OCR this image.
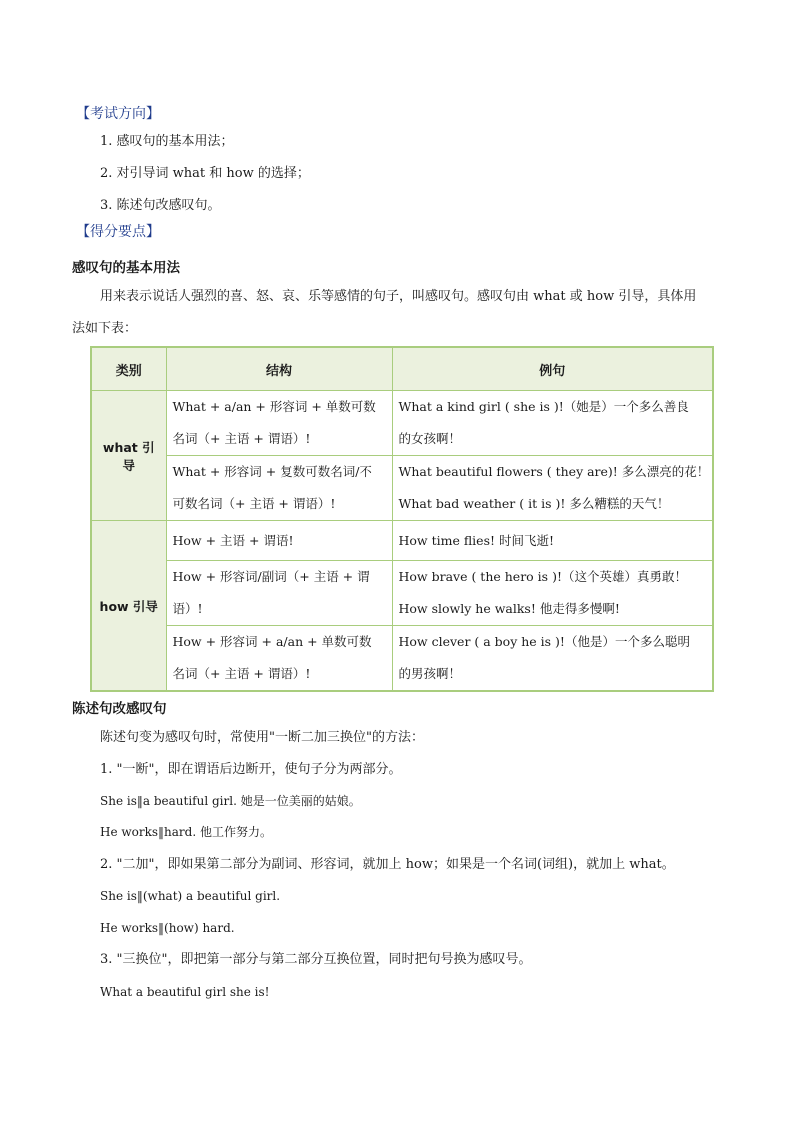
【考试方向】
1. 感叹句的基本用法；
2. 对引导词 what 和 how 的选择；
3. 陈述句改感叹句。
【得分要点】
感叹句的基本用法
用来表示说话人强烈的喜、怒、哀、乐等感情的句子，叫感叹句。感叹句由 what 或 how 引导，具体用
法如下表：
类别	结构	例句
what 引导	What + a/an + 形容词 + 单数可数
名词（+ 主语 + 谓语）!	What a kind girl ( she is )!（她是）一个多么善良
的女孩啊！

	What + 形容词 + 复数可数名词/不
可数名词（+ 主语 + 谓语）!	What beautiful flowers ( they are)! 多么漂亮的花！
What bad weather ( it is )! 多么糟糕的天气！

how 引导	How + 主语 + 谓语!	How time flies! 时间飞逝!

	How + 形容词/副词（+ 主语 + 谓
语）!	How brave ( the hero is )!（这个英雄）真勇敢！
How slowly he walks! 他走得多慢啊!

	How + 形容词 + a/an + 单数可数
名词（+ 主语 + 谓语）!	How clever ( a boy he is )!（他是）一个多么聪明
的男孩啊！
陈述句改感叹句
陈述句变为感叹句时，常使用"一断二加三换位"的方法：
1. "一断"，即在谓语后边断开，使句子分为两部分。
She is‖a beautiful girl. 她是一位美丽的姑娘。
He works‖hard. 他工作努力。
2. "二加"，即如果第二部分为副词、形容词，就加上 how；如果是一个名词(词组)，就加上 what。
She is‖(what) a beautiful girl.
He works‖(how) hard.
3. "三换位"，即把第一部分与第二部分互换位置，同时把句号换为感叹号。
What a beautiful girl she is!
